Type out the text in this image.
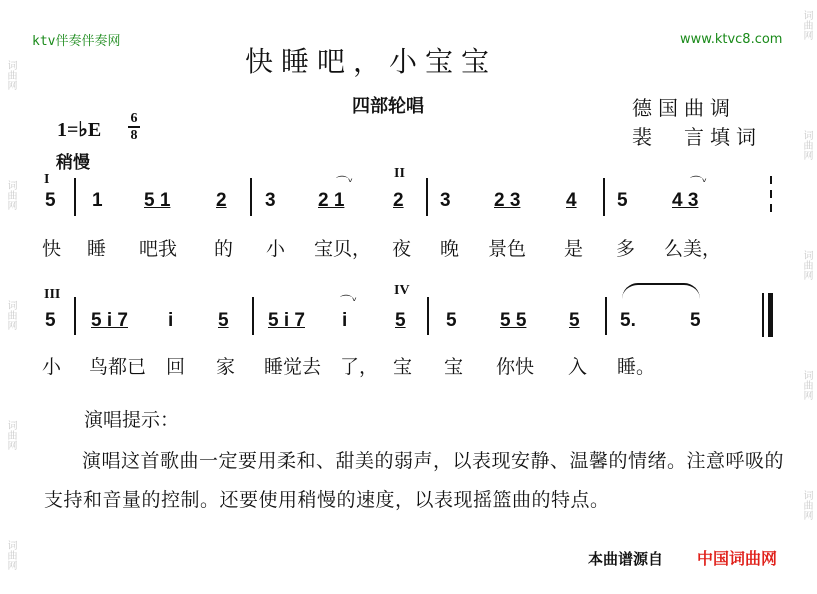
词曲网
词曲网
词曲网
词曲网
词曲网
词曲网
词曲网
词曲网
词曲网
词曲网
ktv伴奏伴奏网	www.ktvc8.com
快睡吧，小宝宝
四部轮唱	德国曲调
裴　言填词
1=♭E
6
8
稍慢
I	II
III	IV
5 1 5 1 2 3 2 1
⌒ᵛ
2 3 2 3 4 5 4 3
⌒ᵛ
快 睡 吧我 的 小 宝贝， 夜 晚 景色 是 多 么美，
5 5 i 7 i 5 5 i 7 i
⌒ᵛ
5 5 5 5 5 5.	5
小 鸟都已 回 家 睡觉去 了， 宝 宝 你快 入 睡。
演唱提示：
演唱这首歌曲一定要用柔和、甜美的弱声，以表现安静、温馨的情绪。注意呼吸的支持和音量的控制。还要使用稍慢的速度，以表现摇篮曲的特点。
本曲谱源自 中国词曲网
